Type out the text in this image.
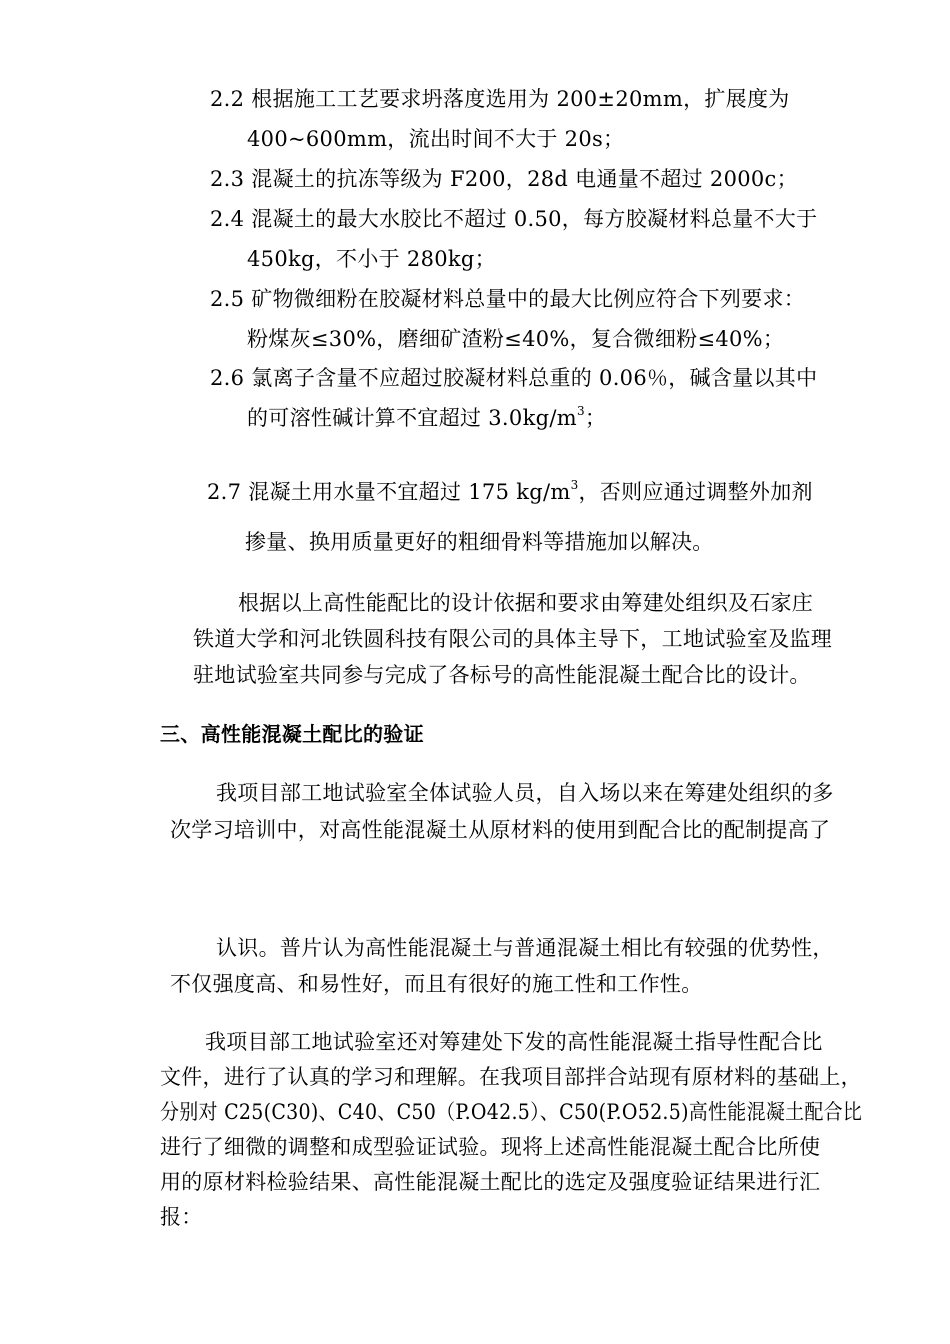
2.2 根据施工工艺要求坍落度选用为 200±20mm，扩展度为
400~600mm，流出时间不大于 20s；
2.3 混凝土的抗冻等级为 F200，28d 电通量不超过 2000c；
2.4 混凝土的最大水胶比不超过 0.50，每方胶凝材料总量不大于
450kg，不小于 280kg；
2.5 矿物微细粉在胶凝材料总量中的最大比例应符合下列要求：
粉煤灰≤30%，磨细矿渣粉≤40%，复合微细粉≤40%；
2.6 氯离子含量不应超过胶凝材料总重的 0.06％，碱含量以其中
的可溶性碱计算不宜超过 $3.0kg/m^3$；
2.7 混凝土用水量不宜超过 175 $kg/m^3$，否则应通过调整外加剂
掺量、换用质量更好的粗细骨料等措施加以解决。
根据以上高性能配比的设计依据和要求由筹建处组织及石家庄
铁道大学和河北铁圆科技有限公司的具体主导下，工地试验室及监理
驻地试验室共同参与完成了各标号的高性能混凝土配合比的设计。
三、高性能混凝土配比的验证
我项目部工地试验室全体试验人员，自入场以来在筹建处组织的多
次学习培训中，对高性能混凝土从原材料的使用到配合比的配制提高了
认识。普片认为高性能混凝土与普通混凝土相比有较强的优势性，
不仅强度高、和易性好，而且有很好的施工性和工作性。
我项目部工地试验室还对筹建处下发的高性能混凝土指导性配合比
文件，进行了认真的学习和理解。在我项目部拌合站现有原材料的基础上，
分别对 C25(C30)、C40、C50（P.O42.5）、C50(P.O52.5)高性能混凝土配合比
进行了细微的调整和成型验证试验。现将上述高性能混凝土配合比所使
用的原材料检验结果、高性能混凝土配比的选定及强度验证结果进行汇
报：
